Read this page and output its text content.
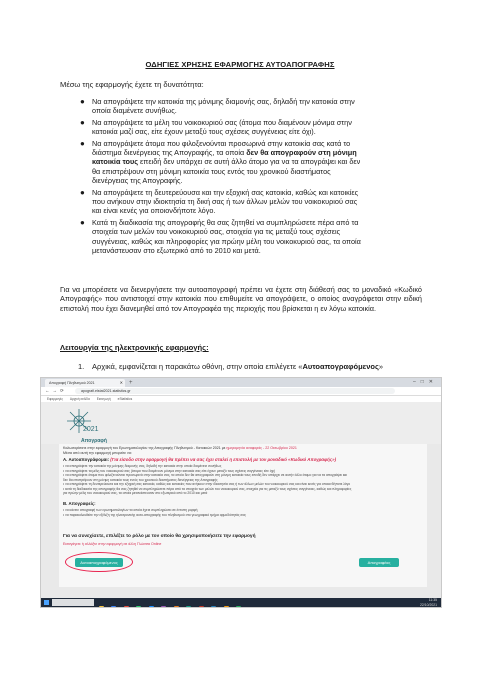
ΟΔΗΓΙΕΣ ΧΡΗΣΗΣ ΕΦΑΡΜΟΓΗΣ ΑΥΤΟΑΠΟΓΡΑΦΗΣ
Μέσω της εφαρμογής έχετε τη δυνατότητα:
● Να απογράψετε την κατοικία της μόνιμης διαμονής σας, δηλαδή την κατοικία στην
οποία διαμένετε συνήθως.
● Να απογράψετε τα μέλη του νοικοκυριού σας (άτομα που διαμένουν μόνιμα στην
κατοικία μαζί σας, είτε έχουν μεταξύ τους σχέσεις συγγένειας είτε όχι).
● Να απογράψετε άτομα που φιλοξενούνται προσωρινά στην κατοικία σας κατά το
διάστημα διενέργειας της Απογραφής, τα οποία δεν θα απογραφούν στη μόνιμη
κατοικία τους επειδή δεν υπάρχει σε αυτή άλλο άτομο για να τα απογράψει και δεν
θα επιστρέψουν στη μόνιμη κατοικία τους εντός του χρονικού διαστήματος
διενέργειας της Απογραφής.
● Να απογράψετε τη δευτερεύουσα και την εξοχική σας κατοικία, καθώς και κατοικίες
που ανήκουν στην ιδιοκτησία τη δική σας ή των άλλων μελών του νοικοκυριού σας
και είναι κενές για οποιονδήποτε λόγο.
● Κατά τη διαδικασία της απογραφής θα σας ζητηθεί να συμπληρώσετε πέρα από τα
στοιχεία των μελών του νοικοκυριού σας, στοιχεία για τις μεταξύ τους σχέσεις
συγγένειας, καθώς και πληροφορίες για πρώην μέλη του νοικοκυριού σας, τα οποία
μετανάστευσαν στο εξωτερικό από το 2010 και μετά.
Για να μπορέσετε να διενεργήσετε την αυτοαπογραφή πρέπει να έχετε στη διάθεσή σας το μοναδικό «Κωδικό Απογραφής» που αντιστοιχεί στην κατοικία που επιθυμείτε να απογράψετε, ο οποίος αναγράφεται στην ειδική επιστολή που έχει διανεμηθεί από τον Απογραφέα της περιοχής που βρίσκεται η εν λόγω κατοικία.
Λειτουργία της ηλεκτρονικής εφαρμογής:
1. Αρχικά, εμφανίζεται η παρακάτω οθόνη, στην οποία επιλέγετε «Αυτοαπογραφόμενος»
Απογραφή Πληθυσμού 2021	✕ +	‒□✕
←→⟳	apografi.elstat2021.statistics.gr
Εφαρμογές Αρχική σελίδα Εισαγωγή eStatistics
2021
Απογραφή
Καλωσορίσατε στην εφαρμογή του Ερωτηματολογίου της Απογραφής Πληθυσμού - Κατοικιών 2021 με ημερομηνία αναφοράς - 22 Οκτωβρίου 2021
Μέσα από αυτή την εφαρμογή μπορείτε να:
Α. Αυτοαπογράφομαι: (Για είσοδο στην εφαρμογή θα πρέπει να σας έχει σταλεί η επιστολή με τον μοναδικό «Κωδικό Απογραφής»)
• να απογράψετε την κατοικία της μόνιμης διαμονής σας, δηλαδή την κατοικία στην οποία διαμένετε συνήθως
• να απογράψετε τα μέλη του νοικοκυριού σας (άτομα που διαμένουν μόνιμα στην κατοικία σας είτε έχουν μεταξύ τους σχέσεις συγγένειας είτε όχι)
• να απογράψετε άτομα που φιλοξενούνται προσωρινά στην κατοικία σας, τα οποία δεν θα απογραφούν στη μόνιμη κατοικία τους επειδή δεν υπάρχει σε αυτήν άλλο άτομο για να τα απογράψει και
δεν θα επιστρέψουν στη μόνιμη κατοικία τους εντός του χρονικού διαστήματος διενέργειας της Απογραφής
• να απογράψετε τη δευτερεύουσα και την εξοχική σας κατοικία, καθώς και κατοικίες που ανήκουν στην ιδιοκτησία σας ή των άλλων μελών του νοικοκυριού σας και είναι κενές για οποιονδήποτε λόγο
• κατά τη διαδικασία της απογραφής θα σας ζητηθεί να συμπληρώσετε πέρα από τα στοιχεία των μελών του νοικοκυριού σας, στοιχεία για τις μεταξύ τους σχέσεις συγγένειας, καθώς και πληροφορίες
για πρώην μέλη του νοικοκυριού σας, τα οποία μετανάστευσαν στο εξωτερικό από το 2010 και μετά
Β. Απογραφείς:
• να κάνετε απογραφή των ερωτηματολογίων τα οποία έχετε συμπληρώσει σε έντυπη μορφή
• να παρακολουθείτε την εξέλιξη της ηλεκτρονικής αυτο-απογραφής του πληθυσμού στο γεωγραφικό τμήμα αρμοδιότητάς σας
Για να συνεχίσετε, επιλέξτε το ρόλο με τον οποίο θα χρησιμοποιήσετε την εφαρμογή
Εισαγάγετε ή αλλάξτε στην εφαρμογή σε άλλη Γλώσσα Online
Αυτοαπογραφόμενος	Απογραφέας

11:35
22/10/2021
